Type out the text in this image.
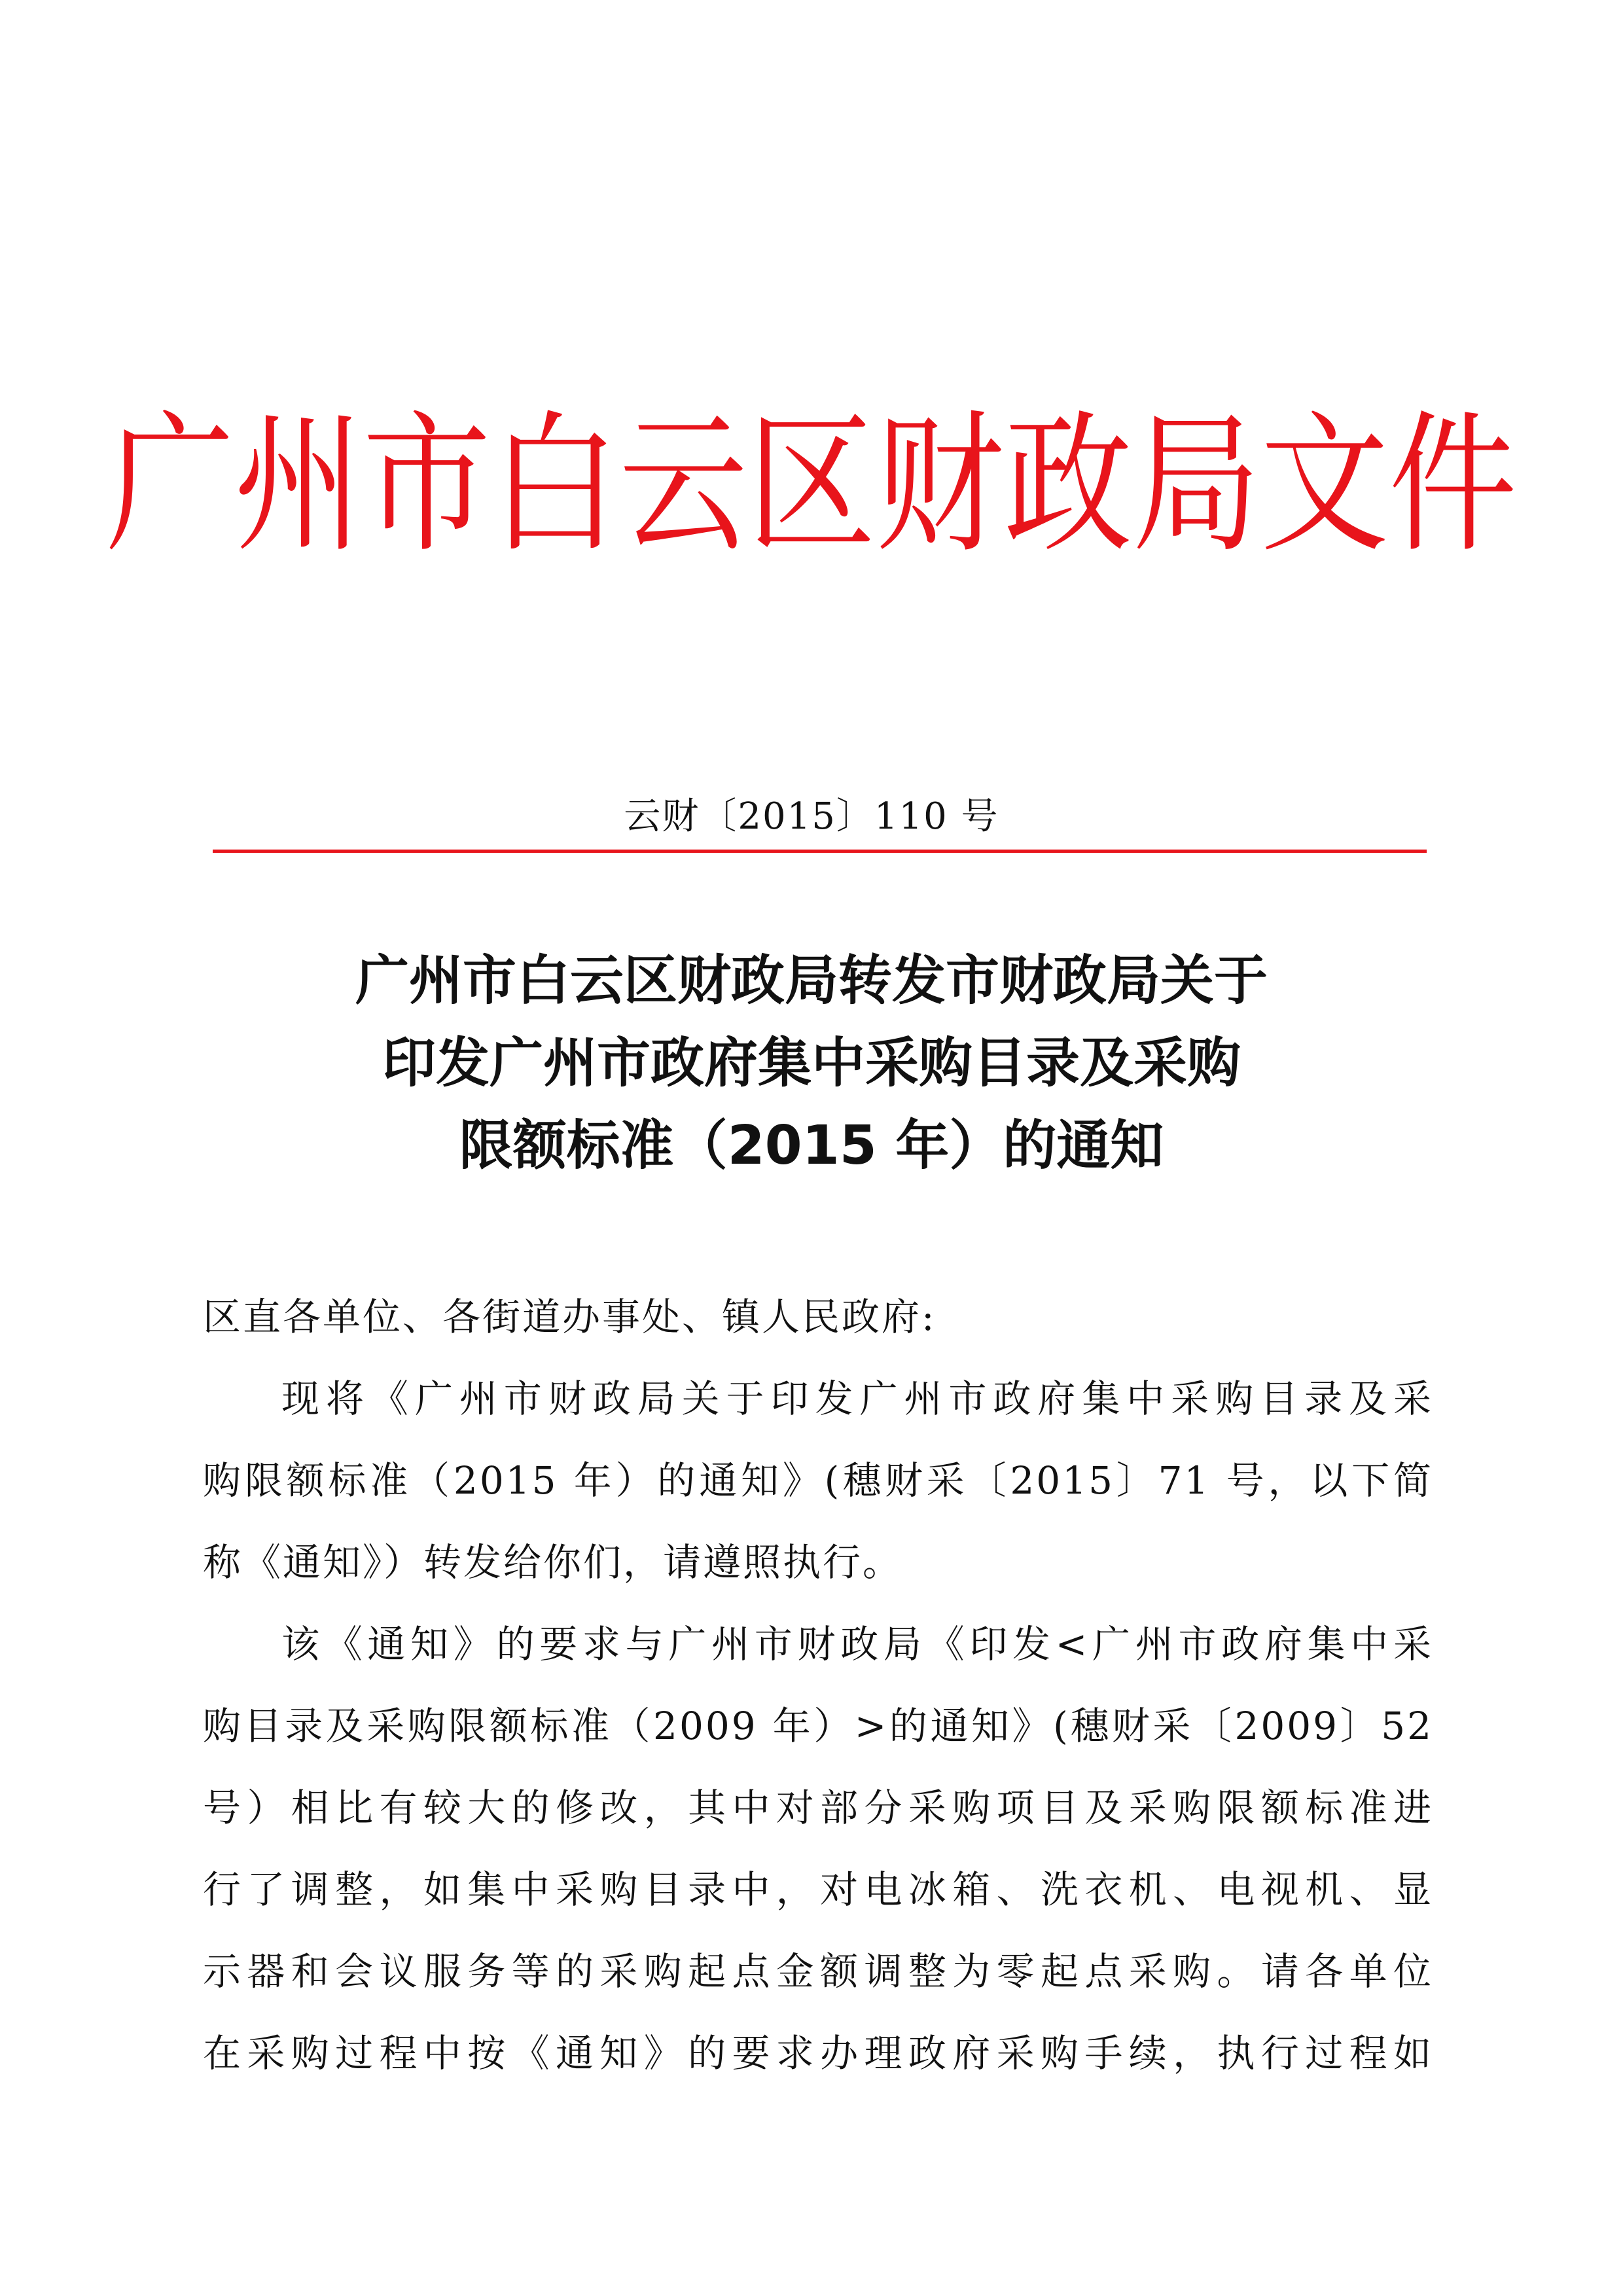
广州市白云区财政局文件
云财〔2015〕110 号
广州市白云区财政局转发市财政局关于
印发广州市政府集中采购目录及采购
限额标准（2015 年）的通知
区直各单位、各街道办事处、镇人民政府:
现将《广州市财政局关于印发广州市政府集中采购目录及采
购限额标准（2015 年）的通知》(穗财采〔2015〕71 号，以下简
称《通知》）转发给你们，请遵照执行。
该《通知》的要求与广州市财政局《印发<广州市政府集中采
购目录及采购限额标准（2009 年）>的通知》(穗财采〔2009〕52
号）相比有较大的修改，其中对部分采购项目及采购限额标准进
行了调整，如集中采购目录中，对电冰箱、洗衣机、电视机、显
示器和会议服务等的采购起点金额调整为零起点采购。请各单位
在采购过程中按《通知》的要求办理政府采购手续，执行过程如
